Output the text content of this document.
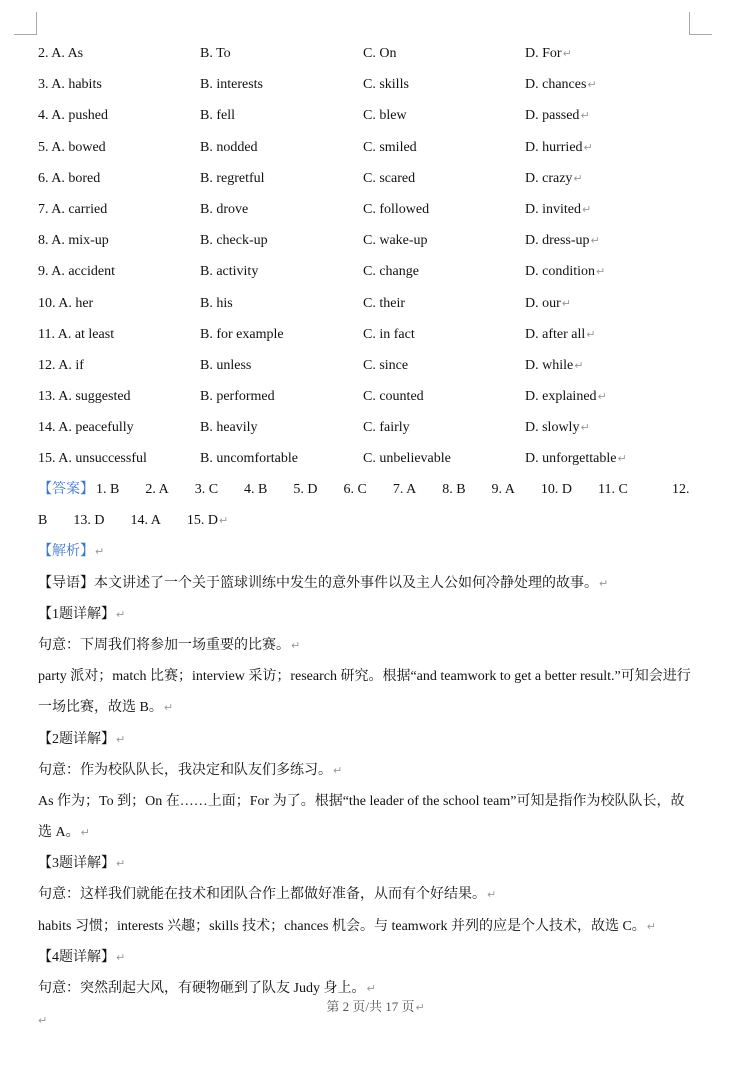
2. A. As	B. To	C. On	D. For↵
3. A. habits	B. interests	C. skills	D. chances↵
4. A. pushed	B. fell	C. blew	D. passed↵
5. A. bowed	B. nodded	C. smiled	D. hurried↵
6. A. bored	B. regretful	C. scared	D. crazy↵
7. A. carried	B. drove	C. followed	D. invited↵
8. A. mix-up	B. check-up	C. wake-up	D. dress-up↵
9. A. accident	B. activity	C. change	D. condition↵
10. A. her	B. his	C. their	D. our↵
11. A. at least	B. for example	C. in fact	D. after all↵
12. A. if	B. unless	C. since	D. while↵
13. A. suggested	B. performed	C. counted	D. explained↵
14. A. peacefully	B. heavily	C. fairly	D. slowly↵
15. A. unsuccessful	B. uncomfortable	C. unbelievable	D. unforgettable↵
【答案】 1. B 2. A 3. C 4. B 5. D 6. C 7. A 8. B 9. A 10. D 11. C	12.
B 13. D 14. A 15. D↵
【解析】↵
【导语】本文讲述了一个关于篮球训练中发生的意外事件以及主人公如何冷静处理的故事。↵
【1题详解】↵
句意：下周我们将参加一场重要的比赛。↵
party 派对；match 比赛；interview 采访；research 研究。根据“and teamwork to get a better result.”可知会进行
一场比赛，故选 B。↵
【2题详解】↵
句意：作为校队队长，我决定和队友们多练习。↵
As 作为；To 到；On 在……上面；For 为了。根据“the leader of the school team”可知是指作为校队队长，故
选 A。↵
【3题详解】↵
句意：这样我们就能在技术和团队合作上都做好准备，从而有个好结果。↵
habits 习惯；interests 兴趣；skills 技术；chances 机会。与 teamwork 并列的应是个人技术，故选 C。↵
【4题详解】↵
句意：突然刮起大风，有硬物砸到了队友 Judy 身上。↵
第 2 页/共 17 页↵
↵
